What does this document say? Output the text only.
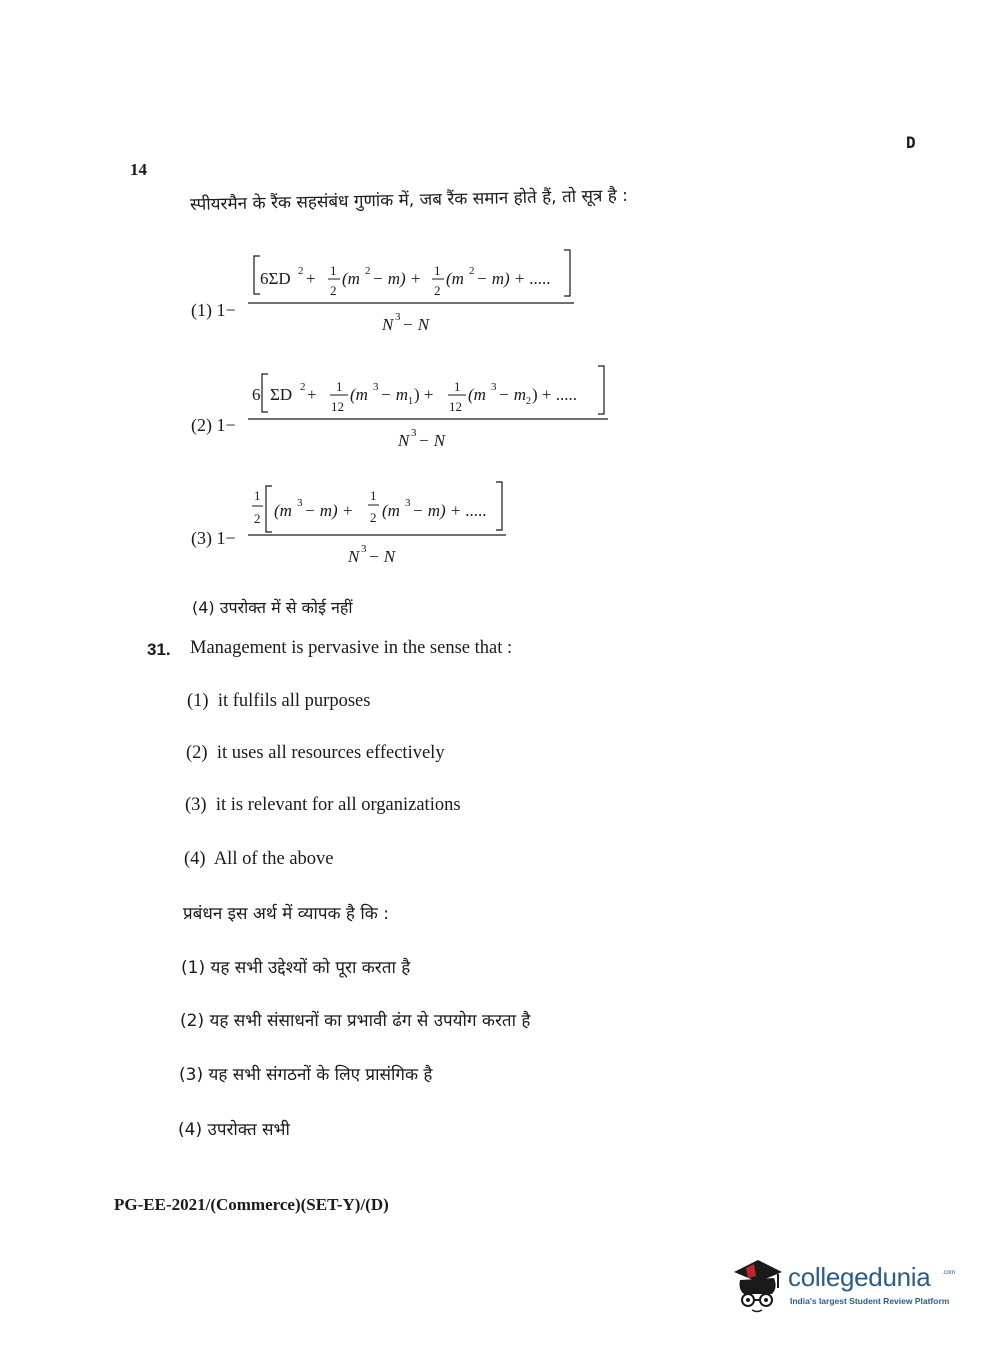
14
D
स्पीयरमैन के रैंक सहसंबंध गुणांक में, जब रैंक समान होते हैं, तो सूत्र है :
(1) 1−
6ΣD 2 + 1
2
(m 2 − m) + 1
2
(m 2 − m) + .....
N 3 − N
(2) 1−
6 ΣD 2 + 1
12
(m 3 − m 1 ) + 1
12
(m 3 − m 2 ) + .....
N 3 − N
(3) 1−
1
2 (m 3 − m) +
1
2 (m 3 − m) + .....
N 3 − N
(4) उपरोक्त में से कोई नहीं
31. Management is pervasive in the sense that :
(1) it fulfils all purposes
(2) it uses all resources effectively
(3) it is relevant for all organizations
(4) All of the above
प्रबंधन इस अर्थ में व्यापक है कि :
(1) यह सभी उद्देश्यों को पूरा करता है
(2) यह सभी संसाधनों का प्रभावी ढंग से उपयोग करता है
(3) यह सभी संगठनों के लिए प्रासंगिक है
(4) उपरोक्त सभी
PG-EE-2021/(Commerce)(SET-Y)/(D)
collegedunia .com
India's largest Student Review Platform
